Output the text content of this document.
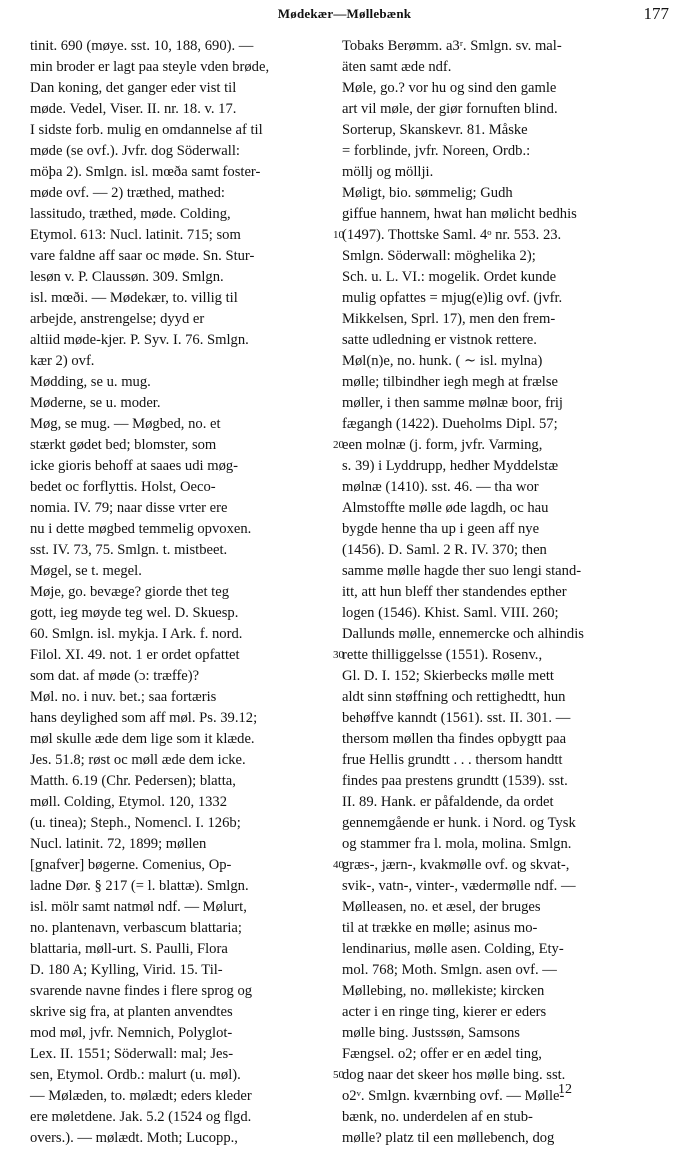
Mødekær—Møllebænk	177
tinit. 690 (møye. sst. 10, 188, 690). —
min broder er lagt paa steyle vden brøde,
Dan koning, det ganger eder vist til
møde. Vedel, Viser. II. nr. 18. v. 17.
I sidste forb. mulig en omdannelse af til
møde (se ovf.). Jvfr. dog Söderwall:
möþa 2). Smlgn. isl. mœða samt foster-
møde ovf. — 2) træthed, mathed:
lassitudo, træthed, møde. Colding,
Etymol. 613: Nucl. latinit. 715; som
vare faldne aff saar oc møde. Sn. Stur-
lesøn v. P. Claussøn. 309. Smlgn.
isl. mœði. — Mødekær, to. villig til
arbejde, anstrengelse; dyyd er
altiid møde-kjer. P. Syv. I. 76. Smlgn.
kær 2) ovf.
Mødding, se u. mug.
Møderne, se u. moder.
Møg, se mug. — Møgbed, no. et
stærkt gødet bed; blomster, som
icke gioris behoff at saaes udi møg-
bedet oc forflyttis. Holst, Oeco-
nomia. IV. 79; naar disse vrter ere
nu i dette møgbed temmelig opvoxen.
sst. IV. 73, 75. Smlgn. t. mistbeet.
Møgel, se t. megel.
Møje, go. bevæge? giorde thet teg
gott, ieg møyde teg wel. D. Skuesp.
60. Smlgn. isl. mykja. I Ark. f. nord.
Filol. XI. 49. not. 1 er ordet opfattet
som dat. af møde (ɔ: træffe)?
Møl. no. i nuv. bet.; saa fortæris
hans deylighed som aff møl. Ps. 39.12;
møl skulle æde dem lige som it klæde.
Jes. 51.8; røst oc møll æde dem icke.
Matth. 6.19 (Chr. Pedersen); blatta,
møll. Colding, Etymol. 120, 1332
(u. tinea); Steph., Nomencl. I. 126b;
Nucl. latinit. 72, 1899; møllen
[gnafver] bøgerne. Comenius, Op-
ladne Dør. § 217 (= l. blattæ). Smlgn.
isl. mölr samt natmøl ndf. — Mølurt,
no. plantenavn, verbascum blattaria;
blattaria, møll-urt. S. Paulli, Flora
D. 180 A; Kylling, Virid. 15. Til-
svarende navne findes i flere sprog og
skrive sig fra, at planten anvendtes
mod møl, jvfr. Nemnich, Polyglot-
Lex. II. 1551; Söderwall: mal; Jes-
sen, Etymol. Ordb.: malurt (u. møl).
— Mølæden, to. mølædt; eders kleder
ere møletdene. Jak. 5.2 (1524 og flgd.
overs.). — mølædt. Moth; Lucopp.,
10
20
30
40
50
Tobaks Berømm. a3ʳ. Smlgn. sv. mal-
äten samt æde ndf.
Møle, go.? vor hu og sind den gamle
art vil møle, der giør fornuften blind.
Sorterup, Skanskevr. 81. Måske
= forblinde, jvfr. Noreen, Ordb.:
möllj og möllji.
Møligt, bio. sømmelig; Gudh
giffue hannem, hwat han mølicht bedhis
(1497). Thottske Saml. 4ᵒ nr. 553. 23.
Smlgn. Söderwall: möghelika 2);
Sch. u. L. VI.: mogelik. Ordet kunde
mulig opfattes = mjug(e)lig ovf. (jvfr.
Mikkelsen, Sprl. 17), men den frem-
satte udledning er vistnok rettere.
Møl(n)e, no. hunk. ( ∼ isl. mylna)
mølle; tilbindher iegh megh at frælse
møller, i then samme mølnæ boor, frij
fægangh (1422). Dueholms Dipl. 57;
een molnæ (j. form, jvfr. Varming,
s. 39) i Lyddrupp, hedher Myddelstæ
mølnæ (1410). sst. 46. — tha wor
Almstoffte mølle øde lagdh, oc hau
bygde henne tha up i geen aff nye
(1456). D. Saml. 2 R. IV. 370; then
samme mølle hagde ther suo lengi stand-
itt, att hun bleff ther standendes epther
logen (1546). Khist. Saml. VIII. 260;
Dallunds mølle, ennemercke och alhindis
rette thilliggelsse (1551). Rosenv.,
Gl. D. I. 152; Skierbecks mølle mett
aldt sinn støffning och rettighedtt, hun
behøffve kanndt (1561). sst. II. 301. —
thersom møllen tha findes opbygtt paa
frue Hellis grundtt . . . thersom handtt
findes paa prestens grundtt (1539). sst.
II. 89. Hank. er påfaldende, da ordet
gennemgående er hunk. i Nord. og Tysk
og stammer fra l. mola, molina. Smlgn.
græs-, jærn-, kvakmølle ovf. og skvat-,
svik-, vatn-, vinter-, vædermølle ndf. —
Mølleasen, no. et æsel, der bruges
til at trække en mølle; asinus mo-
lendinarius, mølle asen. Colding, Ety-
mol. 768; Moth. Smlgn. asen ovf. —
Møllebing, no. møllekiste; kircken
acter i en ringe ting, kierer er eders
mølle bing. Justssøn, Samsons
Fængsel. o2; offer er en ædel ting,
dog naar det skeer hos mølle bing. sst.
o2ᵛ. Smlgn. kværnbing ovf. — Mølle-
bænk, no. underdelen af en stub-
mølle? platz til een møllebench, dog
12
